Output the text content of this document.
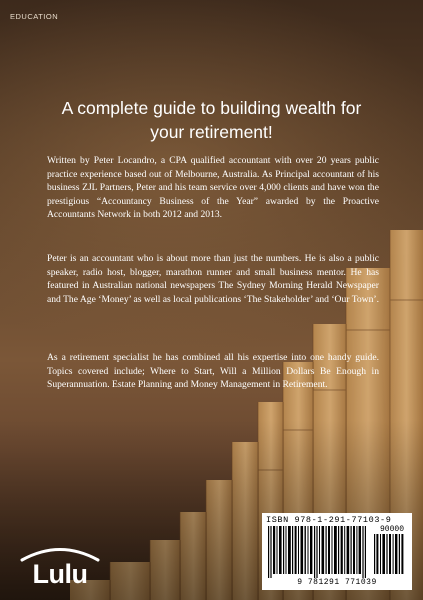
EDUCATION
A complete guide to building wealth for your retirement!

Written by Peter Locandro, a CPA qualified accountant with over 20 years public practice experience based out of Melbourne, Australia. As Principal accountant of his business ZJL Partners, Peter and his team service over 4,000 clients and have won the prestigious “Accountancy Business of the Year” awarded by the Proactive Accountants Network in both 2012 and 2013.

Peter is an accountant who is about more than just the numbers. He is also a public speaker, radio host, blogger, marathon runner and small business mentor. He has featured in Australian national newspapers The Sydney Morning Herald Newspaper and The Age ‘Money’ as well as local publications ‘The Stakeholder’ and ‘Our Town’.

As a retirement specialist he has combined all his expertise into one handy guide. Topics covered include; Where to Start, Will a Million Dollars Be Enough in Superannuation. Estate Planning and Money Management in Retirement.

ISBN 978-1-291-77103-9
90000
9 781291 771039
Lulu
